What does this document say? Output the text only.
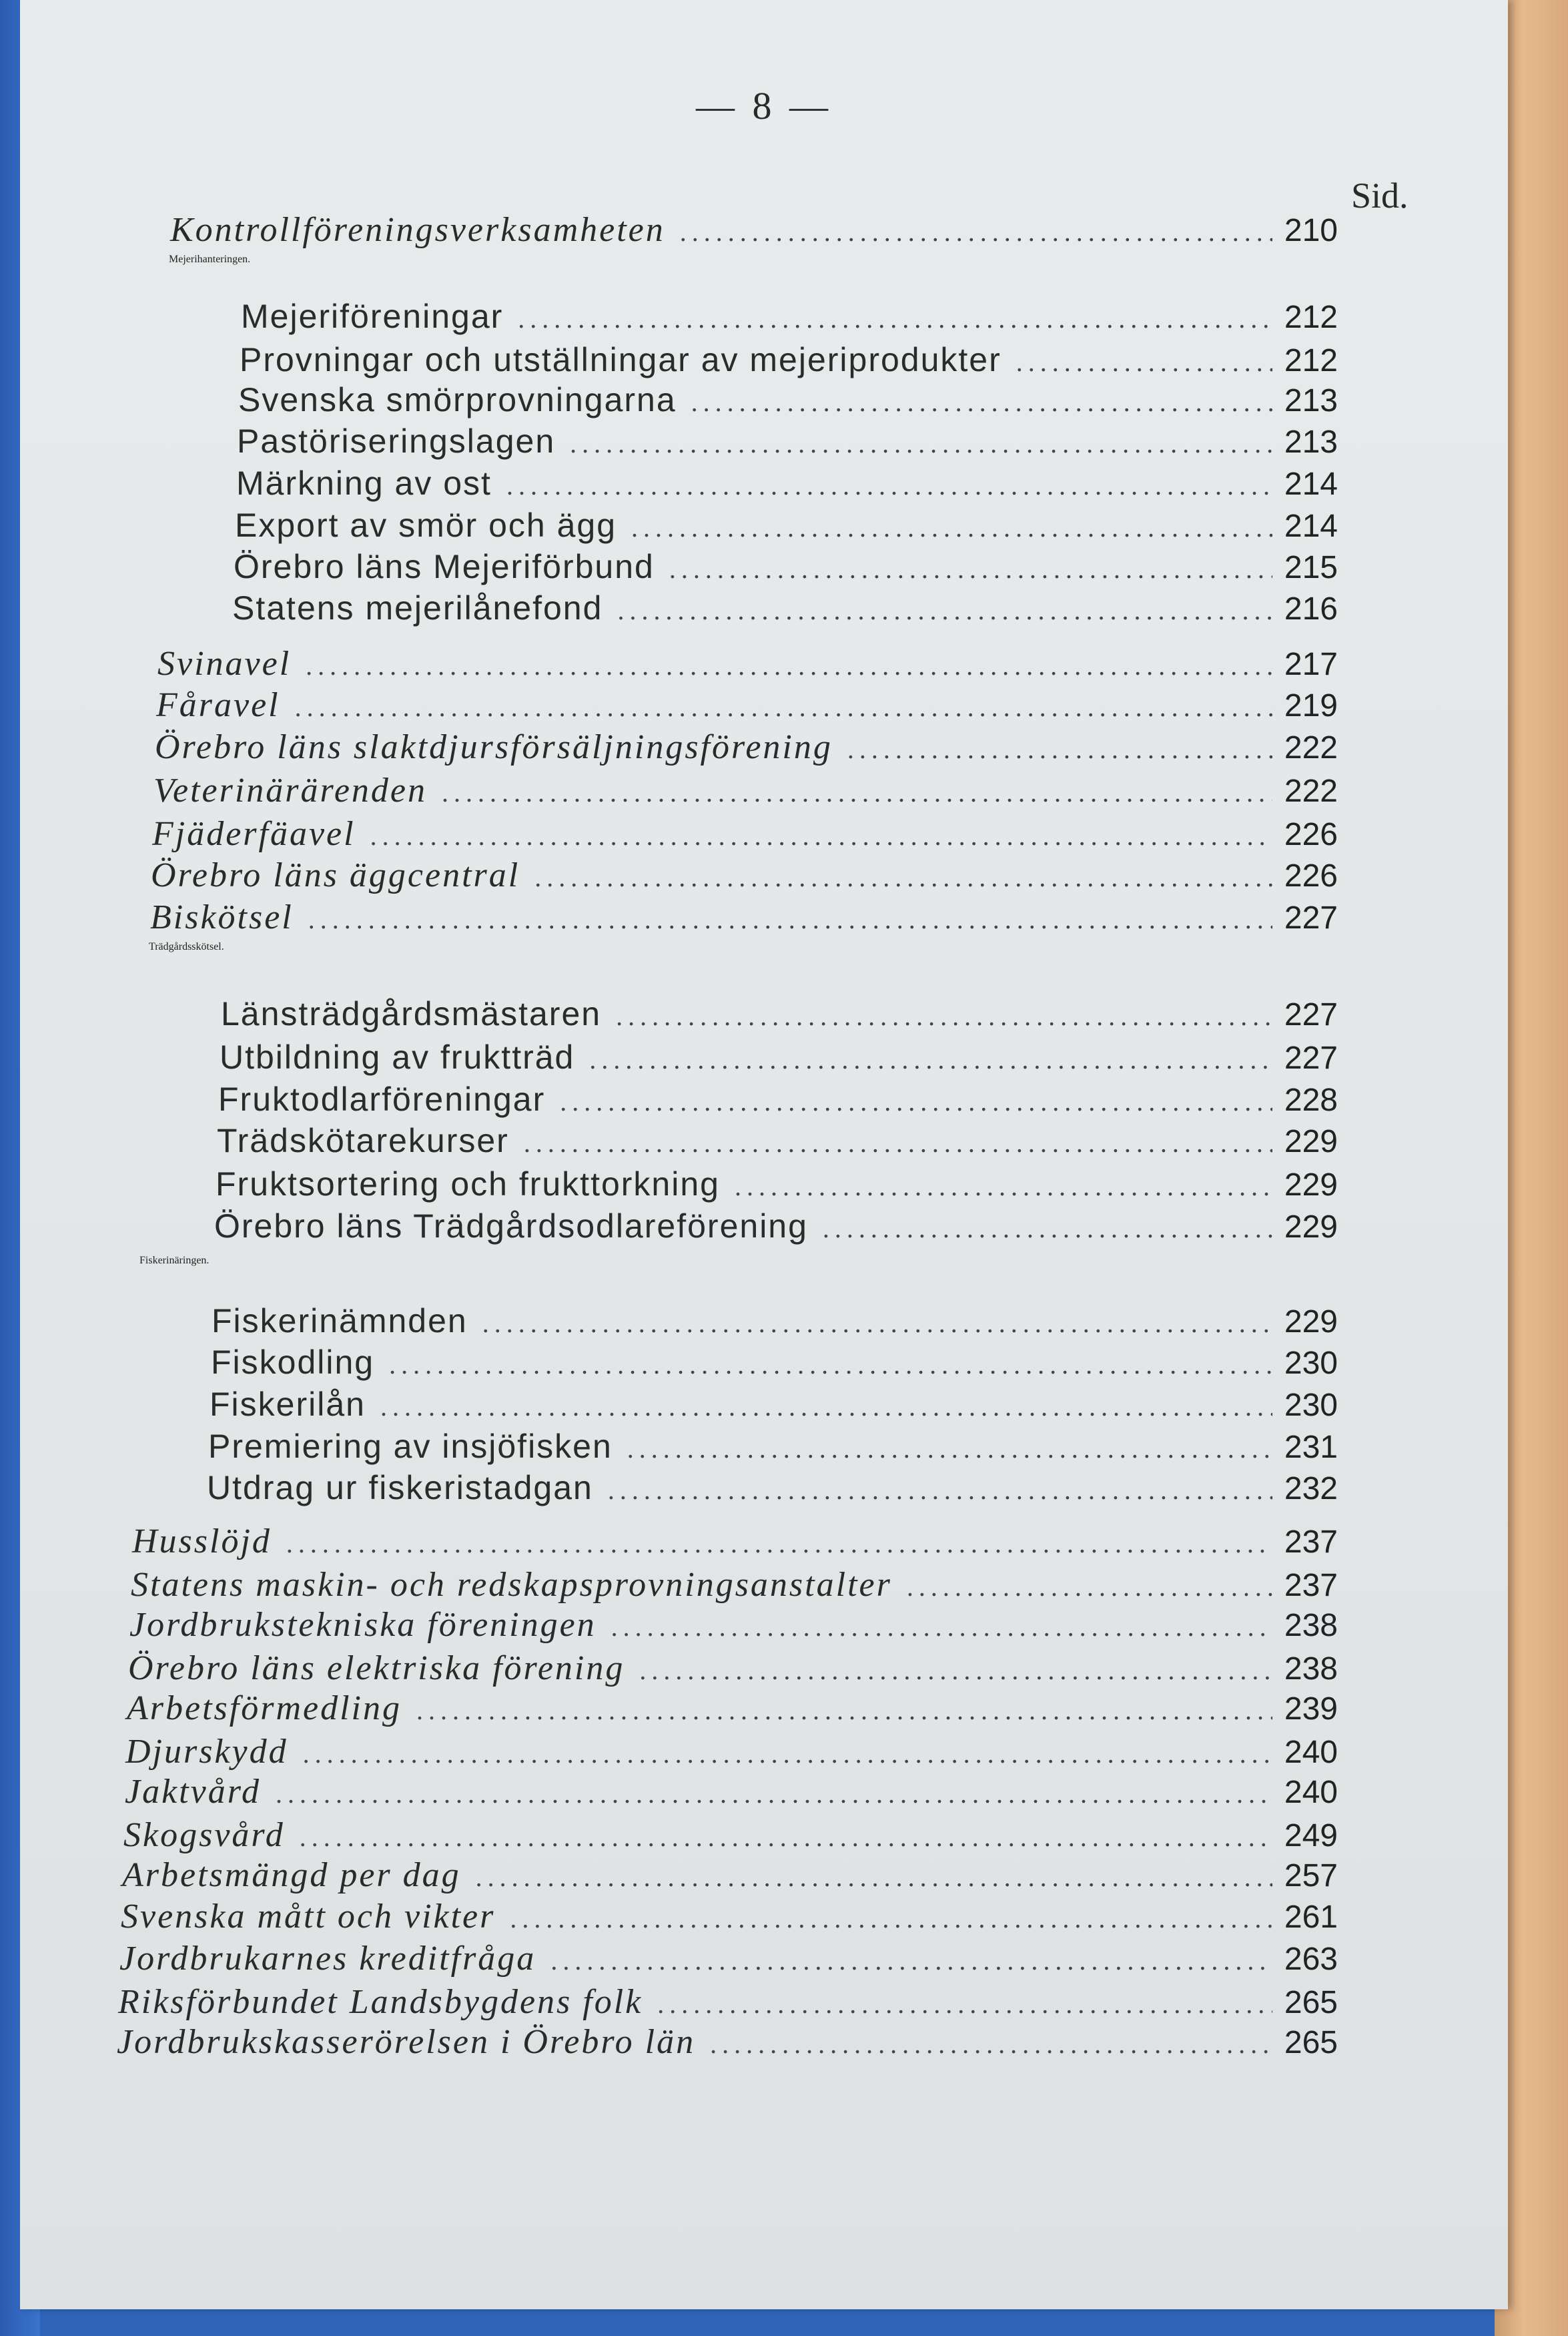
— 8 —
Sid.
Kontrollföreningsverksamheten .....	210
Mejerihanteringen.
Mejeriföreningar .....	212
Provningar och utställningar av mejeriprodukter .....	212
Svenska smörprovningarna .....	213
Pastöriseringslagen .....	213
Märkning av ost .....	214
Export av smör och ägg .....	214
Örebro läns Mejeriförbund .....	215
Statens mejerilånefond .....	216
Svinavel .....	217
Fåravel .....	219
Örebro läns slaktdjursförsäljningsförening .....	222
Veterinärärenden .....	222
Fjäderfäavel .....	226
Örebro läns äggcentral .....	226
Biskötsel .....	227
Trädgårdsskötsel.
Länsträdgårdsmästaren .....	227
Utbildning av fruktträd .....	227
Fruktodlarföreningar .....	228
Trädskötarekurser .....	229
Fruktsortering och frukttorkning .....	229
Örebro läns Trädgårdsodlareförening .....	229
Fiskerinäringen.
Fiskerinämnden .....	229
Fiskodling .....	230
Fiskerilån .....	230
Premiering av insjöfisken .....	231
Utdrag ur fiskeristadgan .....	232
Husslöjd .....	237
Statens maskin- och redskapsprovningsanstalter .....	237
Jordbrukstekniska föreningen .....	238
Örebro läns elektriska förening .....	238
Arbetsförmedling .....	239
Djurskydd .....	240
Jaktvård .....	240
Skogsvård .....	249
Arbetsmängd per dag .....	257
Svenska mått och vikter .....	261
Jordbrukarnes kreditfråga .....	263
Riksförbundet Landsbygdens folk .....	265
Jordbrukskasserörelsen i Örebro län .....	265
